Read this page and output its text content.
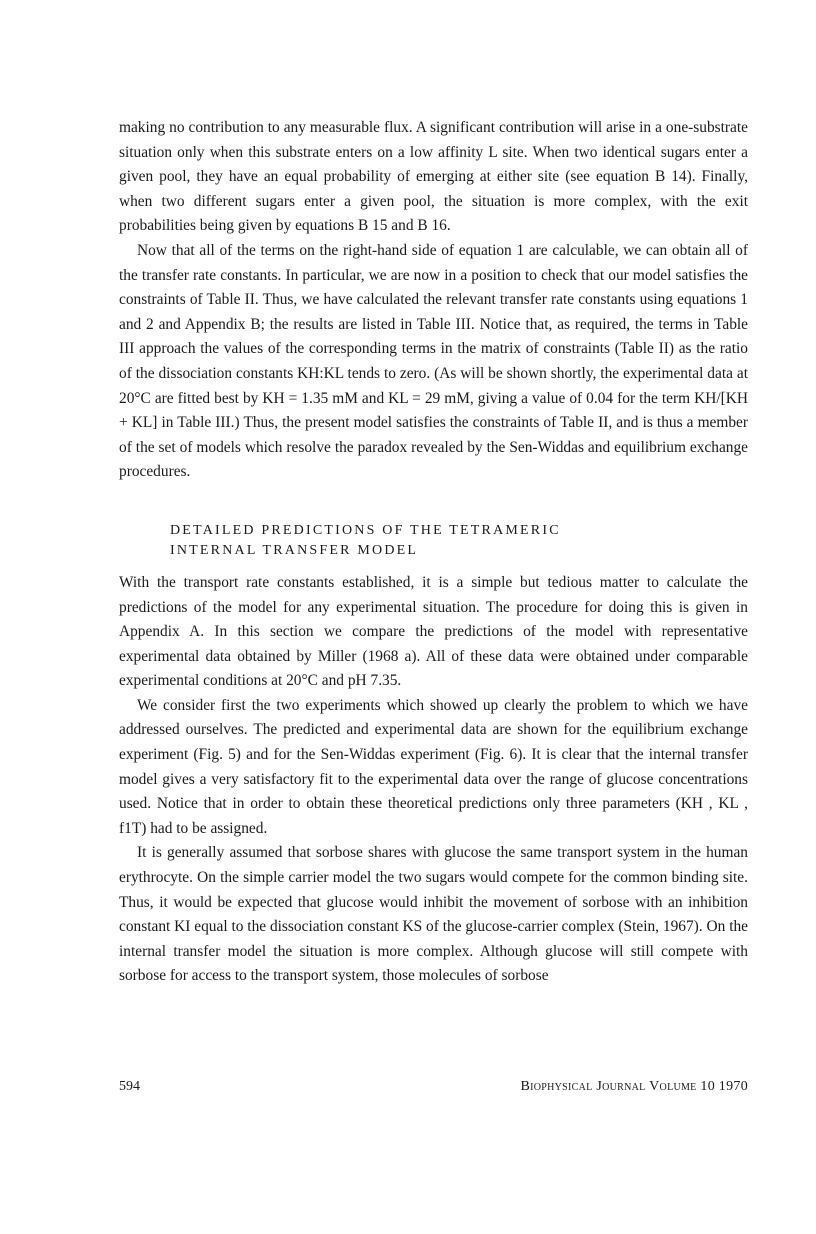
making no contribution to any measurable flux. A significant contribution will arise in a one-substrate situation only when this substrate enters on a low affinity L site. When two identical sugars enter a given pool, they have an equal probability of emerging at either site (see equation B 14). Finally, when two different sugars enter a given pool, the situation is more complex, with the exit probabilities being given by equations B 15 and B 16.

Now that all of the terms on the right-hand side of equation 1 are calculable, we can obtain all of the transfer rate constants. In particular, we are now in a position to check that our model satisfies the constraints of Table II. Thus, we have calculated the relevant transfer rate constants using equations 1 and 2 and Appendix B; the results are listed in Table III. Notice that, as required, the terms in Table III approach the values of the corresponding terms in the matrix of constraints (Table II) as the ratio of the dissociation constants KH:KL tends to zero. (As will be shown shortly, the experimental data at 20°C are fitted best by KH = 1.35 mM and KL = 29 mM, giving a value of 0.04 for the term KH/[KH + KL] in Table III.) Thus, the present model satisfies the constraints of Table II, and is thus a member of the set of models which resolve the paradox revealed by the Sen-Widdas and equilibrium exchange procedures.

DETAILED PREDICTIONS OF THE TETRAMERIC
INTERNAL TRANSFER MODEL

With the transport rate constants established, it is a simple but tedious matter to calculate the predictions of the model for any experimental situation. The procedure for doing this is given in Appendix A. In this section we compare the predictions of the model with representative experimental data obtained by Miller (1968 a). All of these data were obtained under comparable experimental conditions at 20°C and pH 7.35.

We consider first the two experiments which showed up clearly the problem to which we have addressed ourselves. The predicted and experimental data are shown for the equilibrium exchange experiment (Fig. 5) and for the Sen-Widdas experiment (Fig. 6). It is clear that the internal transfer model gives a very satisfactory fit to the experimental data over the range of glucose concentrations used. Notice that in order to obtain these theoretical predictions only three parameters (KH , KL , f1T) had to be assigned.

It is generally assumed that sorbose shares with glucose the same transport system in the human erythrocyte. On the simple carrier model the two sugars would compete for the common binding site. Thus, it would be expected that glucose would inhibit the movement of sorbose with an inhibition constant KI equal to the dissociation constant KS of the glucose-carrier complex (Stein, 1967). On the internal transfer model the situation is more complex. Although glucose will still compete with sorbose for access to the transport system, those molecules of sorbose

594	Biophysical Journal Volume 10 1970
